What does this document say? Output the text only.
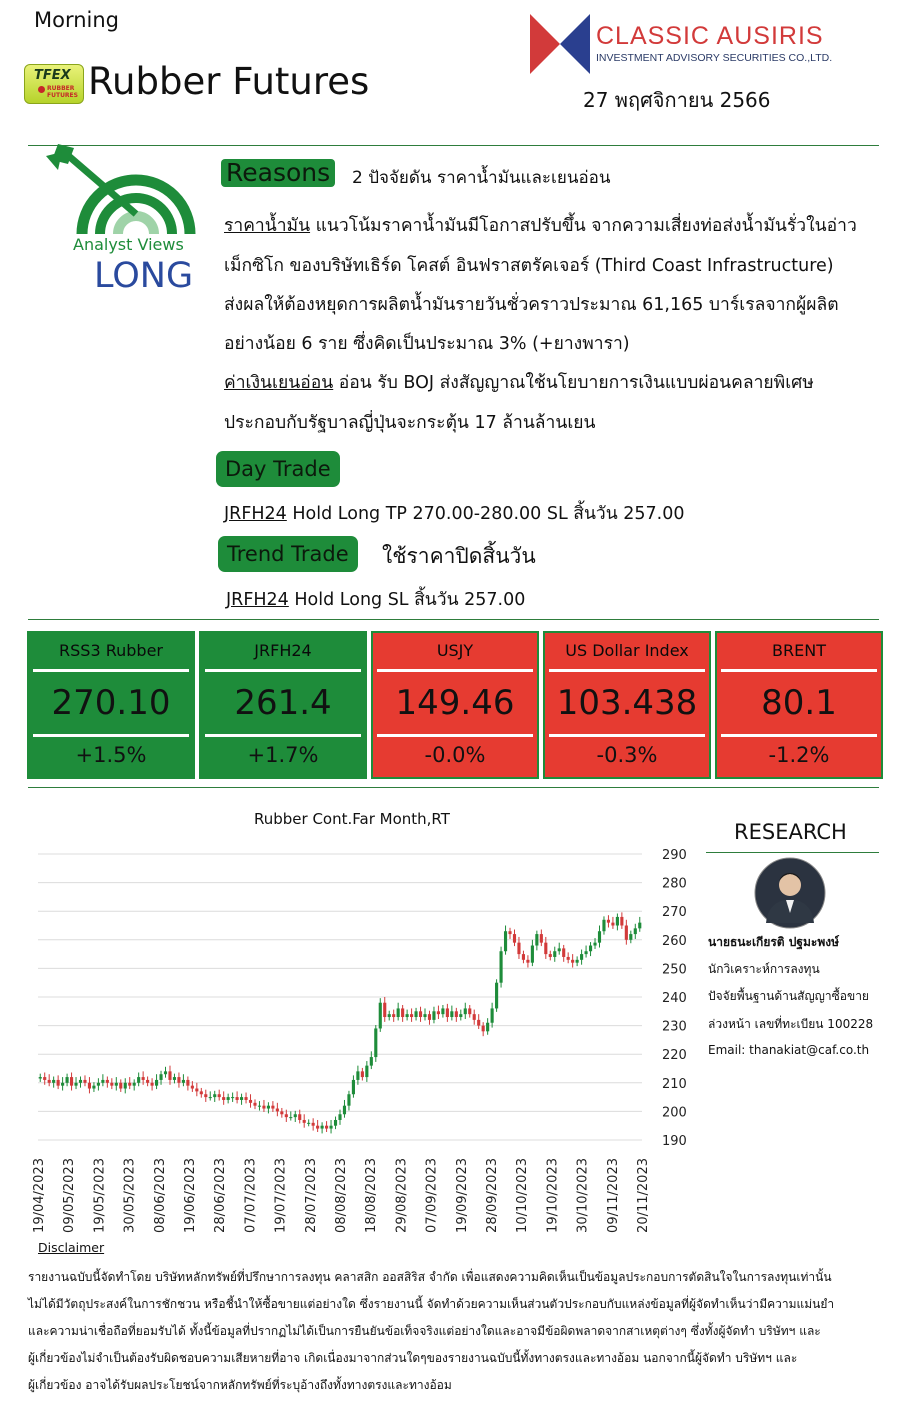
Morning
TFEX
RUBBER FUTURES Rubber Futures
CLASSIC AUSIRIS
INVESTMENT ADVISORY SECURITIES CO.,LTD.
27 พฤศจิกายน 2566
Analyst Views
LONG
Reasons 2 ปัจจัยดัน ราคาน้ำมันและเยนอ่อน
ราคาน้ำมัน แนวโน้มราคาน้ำมันมีโอกาสปรับขึ้น จากความเสี่ยงท่อส่งน้ำมันรั่วในอ่าว
เม็กซิโก ของบริษัทเธิร์ด โคสต์ อินฟราสตรัคเจอร์ (Third Coast Infrastructure)
ส่งผลให้ต้องหยุดการผลิตน้ำมันรายวันชั่วคราวประมาณ 61,165 บาร์เรลจากผู้ผลิต
อย่างน้อย 6 ราย ซึ่งคิดเป็นประมาณ 3% (+ยางพารา)
ค่าเงินเยนอ่อน อ่อน รับ BOJ ส่งสัญญาณใช้นโยบายการเงินแบบผ่อนคลายพิเศษ
ประกอบกับรัฐบาลญี่ปุ่นจะกระตุ้น 17 ล้านล้านเยน
Day Trade
JRFH24 Hold Long TP 270.00-280.00 SL สิ้นวัน 257.00
Trend Trade	ใช้ราคาปิดสิ้นวัน
JRFH24 Hold Long SL สิ้นวัน 257.00
RSS3 Rubber
270.10
+1.5%
JRFH24
261.4
+1.7%
USJY
149.46
-0.0%
US Dollar Index
103.438
-0.3%
BRENT
80.1
-1.2%
Rubber Cont.Far Month,RT
290
280
270
260
250
240
230
220
210
200
190
19/04/2023 09/05/2023 19/05/2023 30/05/2023 08/06/2023 19/06/2023 28/06/2023 07/07/2023 19/07/2023 28/07/2023 08/08/2023 18/08/2023 29/08/2023 07/09/2023 19/09/2023 28/09/2023 10/10/2023 19/10/2023 30/10/2023 09/11/2023 20/11/2023
RESEARCH
นายธนะเกียรติ ปฐมะพงษ์
นักวิเคราะห์การลงทุน
ปัจจัยพื้นฐานด้านสัญญาซื้อขาย
ล่วงหน้า เลขที่ทะเบียน 100228
Email: thanakiat@caf.co.th
Disclaimer
รายงานฉบับนี้จัดทำโดย บริษัทหลักทรัพย์ที่ปรึกษาการลงทุน คลาสสิก ออสสิริส จำกัด เพื่อแสดงความคิดเห็นเป็นข้อมูลประกอบการตัดสินใจในการลงทุนเท่านั้น
ไม่ได้มีวัตถุประสงค์ในการชักชวน หรือชี้นำให้ซื้อขายแต่อย่างใด ซึ่งรายงานนี้ จัดทำด้วยความเห็นส่วนตัวประกอบกับแหล่งข้อมูลที่ผู้จัดทำเห็นว่ามีความแม่นยำ
และความน่าเชื่อถือที่ยอมรับได้ ทั้งนี้ข้อมูลที่ปรากฏไม่ได้เป็นการยืนยันข้อเท็จจริงแต่อย่างใดและอาจมีข้อผิดพลาดจากสาเหตุต่างๆ ซึ่งทั้งผู้จัดทำ บริษัทฯ และ
ผู้เกี่ยวข้องไม่จำเป็นต้องรับผิดชอบความเสียหายที่อาจ เกิดเนื่องมาจากส่วนใดๆของรายงานฉบับนี้ทั้งทางตรงและทางอ้อม นอกจากนี้ผู้จัดทำ บริษัทฯ และ
ผู้เกี่ยวข้อง อาจได้รับผลประโยชน์จากหลักทรัพย์ที่ระบุอ้างถึงทั้งทางตรงและทางอ้อม
